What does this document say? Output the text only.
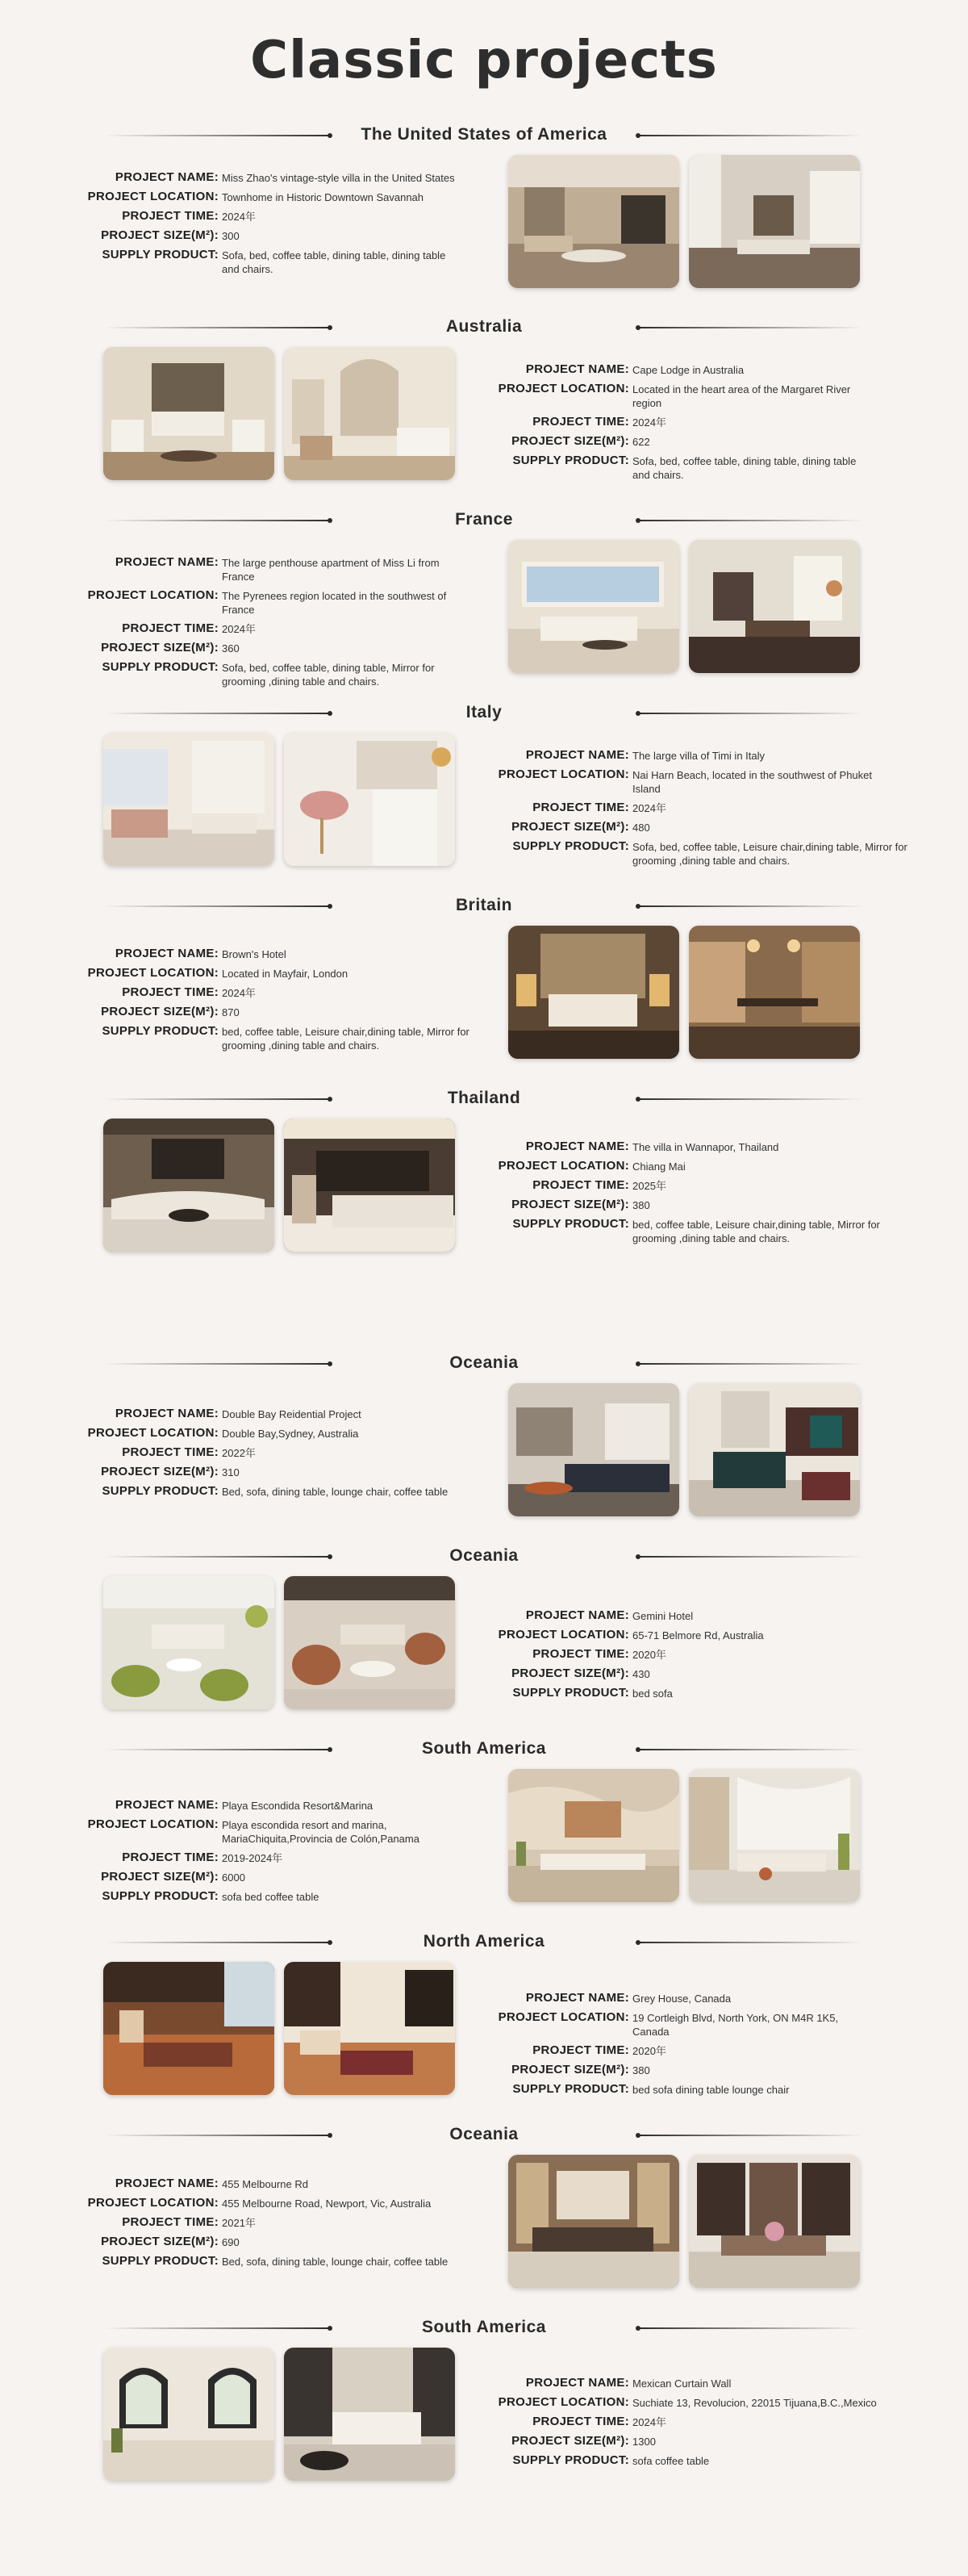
Classic projects
The United States of America
PROJECT NAME: Miss Zhao's vintage-style villa in the United States
PROJECT LOCATION: Townhome in Historic Downtown Savannah
PROJECT TIME: 2024年
PROJECT SIZE(M²): 300
SUPPLY PRODUCT: Sofa, bed, coffee table, dining table, dining table and chairs.
Australia
PROJECT NAME: Cape Lodge in Australia
PROJECT LOCATION: Located in the heart area of the Margaret River region
PROJECT TIME: 2024年
PROJECT SIZE(M²): 622
SUPPLY PRODUCT: Sofa, bed, coffee table, dining table, dining table and chairs.
France
PROJECT NAME: The large penthouse apartment of Miss Li from France
PROJECT LOCATION: The Pyrenees region located in the southwest of France
PROJECT TIME: 2024年
PROJECT SIZE(M²): 360
SUPPLY PRODUCT: Sofa, bed, coffee table, dining table, Mirror for grooming ,dining table and chairs.
Italy
PROJECT NAME: The large villa of Timi in Italy
PROJECT LOCATION: Nai Harn Beach, located in the southwest of Phuket Island
PROJECT TIME: 2024年
PROJECT SIZE(M²): 480
SUPPLY PRODUCT: Sofa, bed, coffee table, Leisure chair,dining table, Mirror for grooming ,dining table and chairs.
Britain
PROJECT NAME: Brown's Hotel
PROJECT LOCATION: Located in Mayfair, London
PROJECT TIME: 2024年
PROJECT SIZE(M²): 870
SUPPLY PRODUCT: bed, coffee table, Leisure chair,dining table, Mirror for grooming ,dining table and chairs.
Thailand
PROJECT NAME: The villa in Wannapor, Thailand
PROJECT LOCATION: Chiang Mai
PROJECT TIME: 2025年
PROJECT SIZE(M²): 380
SUPPLY PRODUCT: bed, coffee table, Leisure chair,dining table, Mirror for grooming ,dining table and chairs.
Oceania
PROJECT NAME: Double Bay Reidential Project
PROJECT LOCATION: Double Bay,Sydney, Australia
PROJECT TIME: 2022年
PROJECT SIZE(M²): 310
SUPPLY PRODUCT: Bed, sofa, dining table, lounge chair, coffee table
Oceania
PROJECT NAME: Gemini Hotel
PROJECT LOCATION: 65-71 Belmore Rd, Australia
PROJECT TIME: 2020年
PROJECT SIZE(M²): 430
SUPPLY PRODUCT: bed sofa
South America
PROJECT NAME: Playa Escondida Resort&Marina
PROJECT LOCATION: Playa escondida resort and marina, MariaChiquita,Provincia de Colón,Panama
PROJECT TIME: 2019-2024年
PROJECT SIZE(M²): 6000
SUPPLY PRODUCT: sofa bed coffee table
North America
PROJECT NAME: Grey House, Canada
PROJECT LOCATION: 19 Cortleigh Blvd, North York, ON M4R 1K5, Canada
PROJECT TIME: 2020年
PROJECT SIZE(M²): 380
SUPPLY PRODUCT: bed sofa dining table lounge chair
Oceania
PROJECT NAME: 455 Melbourne Rd
PROJECT LOCATION: 455 Melbourne Road, Newport, Vic, Australia
PROJECT TIME: 2021年
PROJECT SIZE(M²): 690
SUPPLY PRODUCT: Bed, sofa, dining table, lounge chair, coffee table
South America
PROJECT NAME: Mexican Curtain Wall
PROJECT LOCATION: Suchiate 13, Revolucion, 22015 Tijuana,B.C.,Mexico
PROJECT TIME: 2024年
PROJECT SIZE(M²): 1300
SUPPLY PRODUCT: sofa coffee table
